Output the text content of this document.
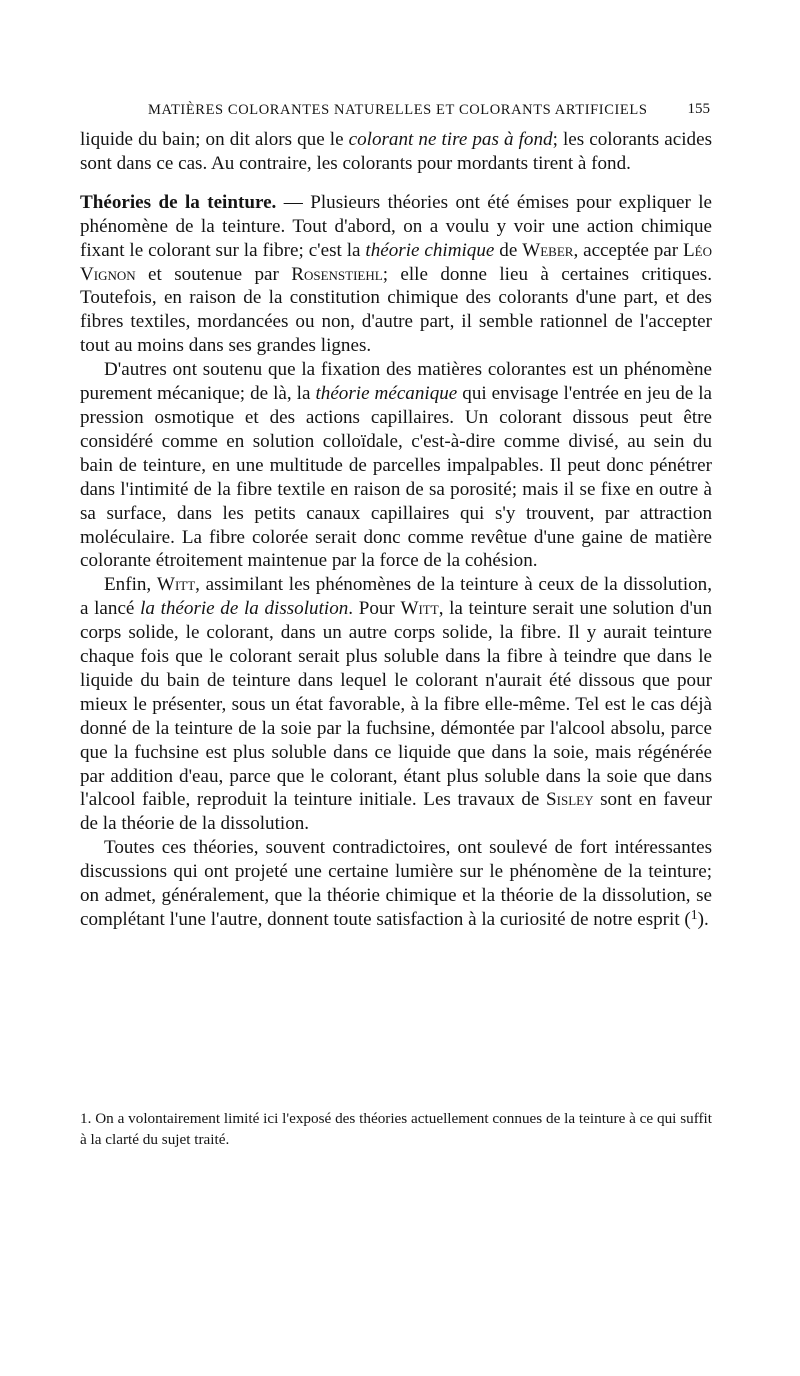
MATIÈRES COLORANTES NATURELLES ET COLORANTS ARTIFICIELS	155

liquide du bain; on dit alors que le colorant ne tire pas à fond; les colorants acides sont dans ce cas. Au contraire, les colorants pour mordants tirent à fond.

Théories de la teinture. — Plusieurs théories ont été émises pour expliquer le phénomène de la teinture. Tout d'abord, on a voulu y voir une action chimique fixant le colorant sur la fibre; c'est la théorie chimique de Weber, acceptée par Léo Vignon et soutenue par Rosenstiehl; elle donne lieu à certaines critiques. Toutefois, en raison de la constitution chimique des colorants d'une part, et des fibres textiles, mordancées ou non, d'autre part, il semble rationnel de l'accepter tout au moins dans ses grandes lignes.

D'autres ont soutenu que la fixation des matières colorantes est un phénomène purement mécanique; de là, la théorie mécanique qui envisage l'entrée en jeu de la pression osmotique et des actions capillaires. Un colorant dissous peut être considéré comme en solution colloïdale, c'est-à-dire comme divisé, au sein du bain de teinture, en une multitude de parcelles impalpables. Il peut donc pénétrer dans l'intimité de la fibre textile en raison de sa porosité; mais il se fixe en outre à sa surface, dans les petits canaux capillaires qui s'y trouvent, par attraction moléculaire. La fibre colorée serait donc comme revêtue d'une gaine de matière colorante étroitement maintenue par la force de la cohésion.

Enfin, Witt, assimilant les phénomènes de la teinture à ceux de la dissolution, a lancé la théorie de la dissolution. Pour Witt, la teinture serait une solution d'un corps solide, le colorant, dans un autre corps solide, la fibre. Il y aurait teinture chaque fois que le colorant serait plus soluble dans la fibre à teindre que dans le liquide du bain de teinture dans lequel le colorant n'aurait été dissous que pour mieux le présenter, sous un état favorable, à la fibre elle-même. Tel est le cas déjà donné de la teinture de la soie par la fuchsine, démontée par l'alcool absolu, parce que la fuchsine est plus soluble dans ce liquide que dans la soie, mais régénérée par addition d'eau, parce que le colorant, étant plus soluble dans la soie que dans l'alcool faible, reproduit la teinture initiale. Les travaux de Sisley sont en faveur de la théorie de la dissolution.

Toutes ces théories, souvent contradictoires, ont soulevé de fort intéressantes discussions qui ont projeté une certaine lumière sur le phénomène de la teinture; on admet, généralement, que la théorie chimique et la théorie de la dissolution, se complétant l'une l'autre, donnent toute satisfaction à la curiosité de notre esprit ($^1$).

1. On a volontairement limité ici l'exposé des théories actuellement connues de la teinture à ce qui suffit à la clarté du sujet traité.
